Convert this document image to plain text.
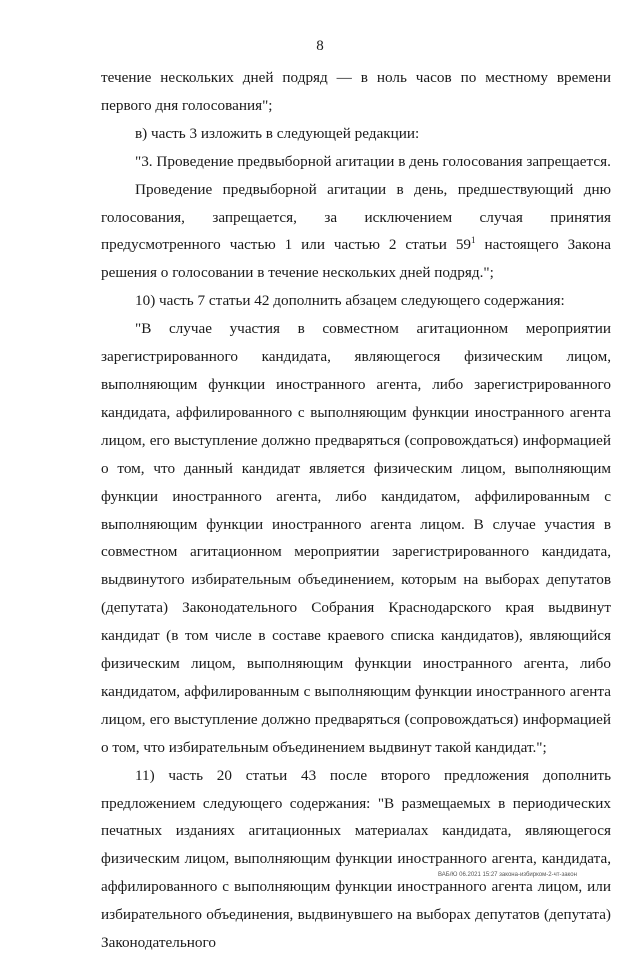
8

течение нескольких дней подряд — в ноль часов по местному времени первого дня голосования";

в) часть 3 изложить в следующей редакции:

"3. Проведение предвыборной агитации в день голосования запрещается.

Проведение предвыборной агитации в день, предшествующий дню голосования, запрещается, за исключением случая принятия предусмотренного частью 1 или частью 2 статьи $59^1$ настоящего Закона решения о голосовании в течение нескольких дней подряд.";

10) часть 7 статьи 42 дополнить абзацем следующего содержания:

"В случае участия в совместном агитационном мероприятии зарегистрированного кандидата, являющегося физическим лицом, выполняющим функции иностранного агента, либо зарегистрированного кандидата, аффилированного с выполняющим функции иностранного агента лицом, его выступление должно предваряться (сопровождаться) информацией о том, что данный кандидат является физическим лицом, выполняющим функции иностранного агента, либо кандидатом, аффилированным с выполняющим функции иностранного агента лицом. В случае участия в совместном агитационном мероприятии зарегистрированного кандидата, выдвинутого избирательным объединением, которым на выборах депутатов (депутата) Законодательного Собрания Краснодарского края выдвинут кандидат (в том числе в составе краевого списка кандидатов), являющийся физическим лицом, выполняющим функции иностранного агента, либо кандидатом, аффилированным с выполняющим функции иностранного агента лицом, его выступление должно предваряться (сопровождаться) информацией о том, что избирательным объединением выдвинут такой кандидат.";

11) часть 20 статьи 43 после второго предложения дополнить предложением следующего содержания: "В размещаемых в периодических печатных изданиях агитационных материалах кандидата, являющегося физическим лицом, выполняющим функции иностранного агента, кандидата, аффилированного с выполняющим функции иностранного агента лицом, или избирательного объединения, выдвинувшего на выборах депутатов (депутата) Законодательного

ВАБ/Ю 06.2021 15:27 закона-избирком-2-чт-закон
